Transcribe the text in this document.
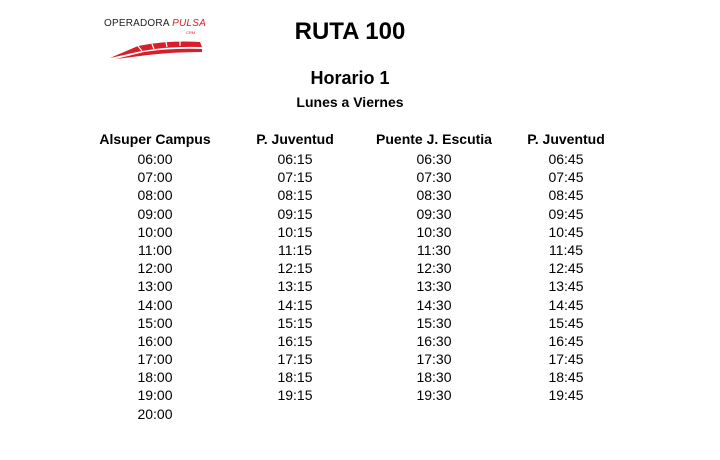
OPERADORA PULSA
CRM	RUTA 100
Horario 1
Lunes a Viernes
Alsuper Campus
06:00
07:00
08:00
09:00
10:00
11:00
12:00
13:00
14:00
15:00
16:00
17:00
18:00
19:00
20:00
P. Juventud
06:15
07:15
08:15
09:15
10:15
11:15
12:15
13:15
14:15
15:15
16:15
17:15
18:15
19:15
Puente J. Escutia
06:30
07:30
08:30
09:30
10:30
11:30
12:30
13:30
14:30
15:30
16:30
17:30
18:30
19:30
P. Juventud
06:45
07:45
08:45
09:45
10:45
11:45
12:45
13:45
14:45
15:45
16:45
17:45
18:45
19:45
